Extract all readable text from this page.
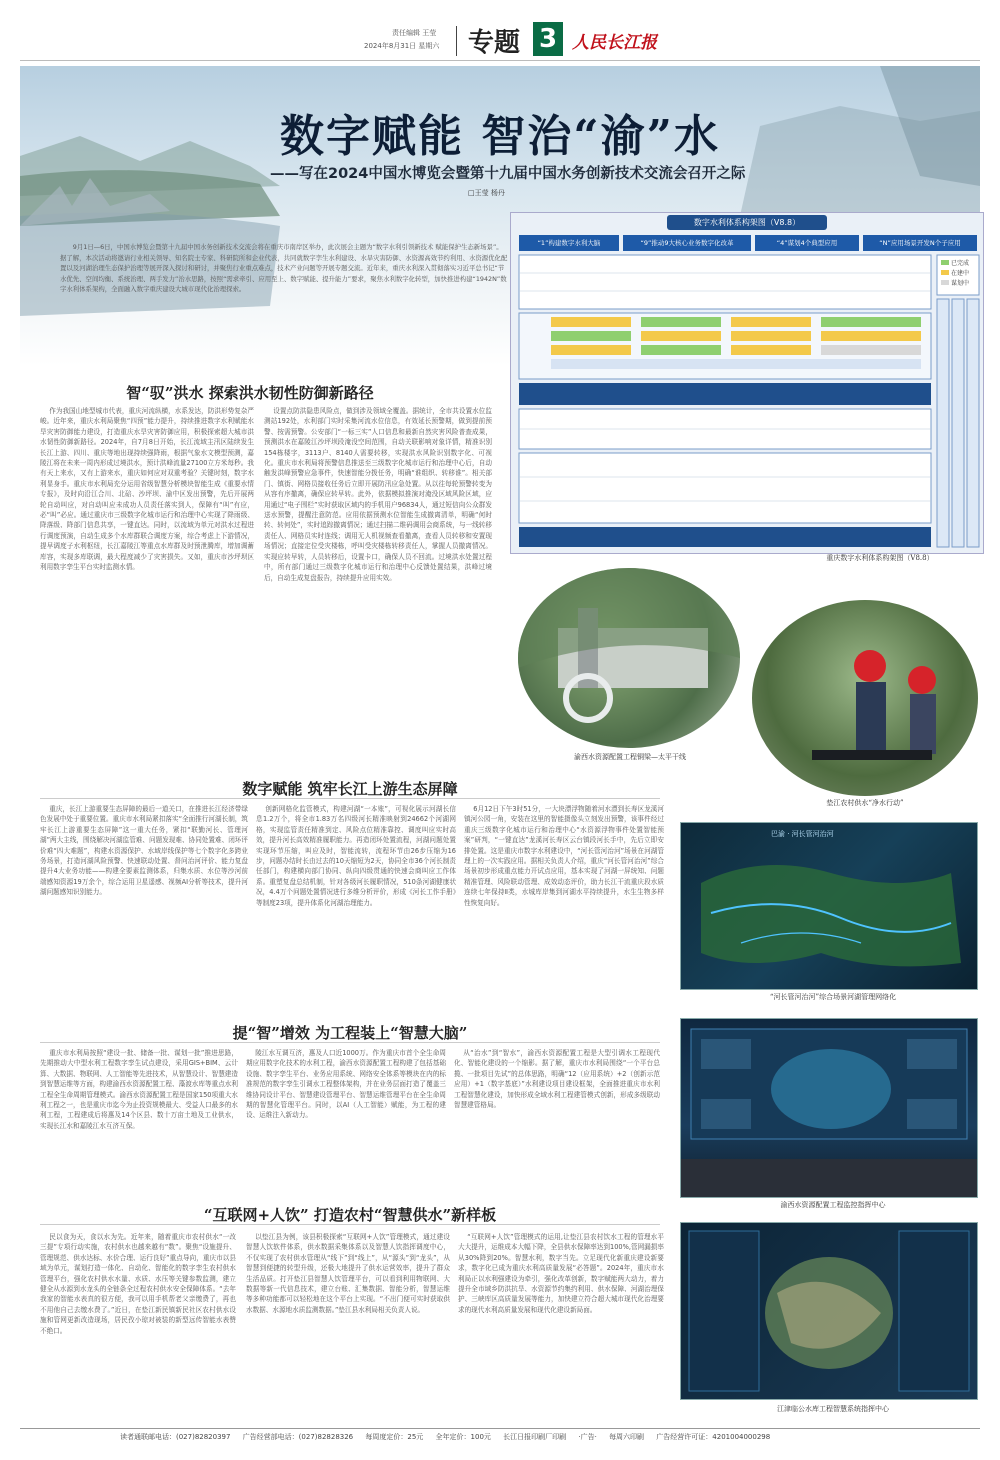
责任编辑 王莹
2024年8月31日 星期六 专题 3 人民长江报
数字赋能 智治“渝”水
——写在2024中国水博览会暨第十九届中国水务创新技术交流会召开之际
□王莹 杨丹
9月1日—6日，中国水博览会暨第十九届中国水务创新技术交流会将在重庆市南岸区举办，此次展会主题为“数字水利引领新技术 赋能保护生态新场景”。据了解，本次活动将邀请行业相关领导、知名院士专家、科研院所和企业代表，共同就数字孪生水利建设、水旱灾害防御、水资源高效节约利用、水资源优化配置以及河湖治理生态保护治理等展开深入探讨和研讨，并聚焦行业重点难点，技术产业问题等开展专题交流。近年来，重庆水利深入贯彻落实习近平总书记“节水优先、空间均衡、系统治理、两手发力”治水思路，按照“需求牵引、应用至上、数字赋能、提升能力”要求，聚焦水利数字化转型，加快推进构建“1942N”数字水利体系架构，全面融入数字重庆建设大城市现代化治理探索。
数字水利体系构架图（V8.8）
“1”构建数字水利大脑	“9”推动9大核心业务数字化改革	“4”谋划4个典型应用	“N”应用场景开发N个子应用
已完成
在建中
谋划中
重庆数字水利体系构架图（V8.8）
智“驭”洪水 探索洪水韧性防御新路径

作为我国山地型城市代表，重庆河流纵横，水系发达，防洪形势复杂严峻。近年来，重庆水利局聚焦“四预”能力提升，持续推进数字水利赋能水旱灾害防御能力建设，打造重庆水旱灾害防御应用，积极探索超大城市洪水韧性防御新路径。2024年，自7月8日开始，长江流域主汛区陆续发生长江上游、四川、重庆等地出现持续强降雨，根据气象水文模型预测，嘉陵江将在未来一周内形成过境洪水，预计洪峰流量27100立方米每秒。我有天上来水，又有上游来水，重庆如何应对双重考验？关键时刻，数字水利显身手。重庆市水利局充分运用省级智慧分析模块智能生成《重要水情专报》，及时向沿江合川、北碚、沙坪坝、渝中区发出预警，先后开展两轮自动叫应，对自动叫应未成功人员责任落实到人，保障有“叫”有应，必“叫”必应。通过重庆市三级数字化城市运行和治理中心实现了降雨级、降落级、降部门信息共享，一键直达。同时，以流域为单元对洪水过程进行调度预演，自动生成多个水库群联合调度方案，综合考虑上下游情况，提早调度子水利枢纽，长江嘉陵江等重点水库群及时预泄腾库，增加调蓄库容，实现多库联调，最大程度减少了灾害损失。又如，重庆市沙坪坝区利用数字孪生平台实时监测水情。

设置点防洪隐患风险点，做到涉及领域全覆盖。据统计，全市共设置水位监测站192处，水利部门实时采集河流水位信息，有效延长预警期，做到提前预警、按需预警。公安部门“一标三实”人口信息和最新自然灾害风险普查成果，预测洪水在嘉陵江沙坪坝段淹没空间范围，自动关联影响对象详情，精准识别154栋楼字，3113户、8140人需要转移，实现洪水风险识别数字化、可视化。重庆市水利局将预警信息推送至三级数字化城市运行和治理中心后，自动触发洪峰预警应急事件，快速智能分拨任务，明确“谁组织、转移谁”。相关部门、镇街、网格员接收任务后立即开展防汛应急处置。从以往每轮预警转变为从容有序撤离，确保应转早转。此外，依据模拟推演对淹没区域风险区域，应用通过“电子围栏”实时获取区域内的手机用户96834人，通过短信向公众群发送水预警，提醒注意防范。应用依据预测水位智能生成撤离清单，明确“何时转、转何处”，实时追踪撤离情况；通过扫描二维码调用会商系统，与一线转移责任人、网格员实时连线；调用无人机视频查看撤离，查看人员转移和安置现场情况；直接定位受灾楼栋，呼叫受灾楼栋转移责任人，掌握人员撤离情况。实现应转早转，人员转移后，设置卡口，确保人员不回流。过境洪水处置过程中，所有部门通过三级数字化城市运行和治理中心反馈处置结果，洪峰过境后，自动生成复盘报告，持续提升应用实效。

渝西水资源配置工程铜梁—太平干线
垫江农村供水“净水行动”
数字赋能 筑牢长江上游生态屏障

重庆，长江上游重要生态屏障的最后一道关口，在推进长江经济带绿色发展中处于重要位置。重庆市水利局紧扣落实“全面推行河湖长制，筑牢长江上游重要生态屏障”这一重大任务，紧扣“联勤河长、管理河湖”两大主线，围绕解决河湖监管难、问题发现难、协同处置难、闭环评价难“四大难题”，构建水资源保护、水域岸线保护等七个数字化多跨业务场景，打造河湖风险预警、快速联动处置、督问治河评价、能力复盘提升4大业务功能——构建全要素监测体系，归集水质、水位等沙河前端感知资源19万余个，综合运用卫星遥感、视频AI分析等技术，提升河湖问题感知识别能力。

创新网格化监管模式，构建河湖“一本账”，可视化展示河湖长信息1.2万个，将全市1.83万名四级河长精准映射到24662个河湖网格，实现监管责任精准到定、风险点位精准靠控、调度叫应实时高效，提升河长高效精准履职能力。再造闭环处置流程，河湖问题处置实现环节压缩，叫应及时，智能流转，流程环节由26步压缩为16步，问题办结时长由过去的10天缩短为2天，协同全市36个河长制责任部门，构建横向部门协同、纵向四级贯通的快速会商叫应工作体系。重塑复盘总结机制，针对各级河长履职情况，510条河湖健康状况，4.4万个问题处置情况进行多维分析评价，形成《河长工作手册》等制度23项，提升体系化河湖治理能力。

6月12日下午3时51分，一大块漂浮物随着河水漂到长寿区龙溪河镇河公园一角，安装在这里的智能摄像头立刻发出预警，该事件经过重庆三级数字化城市运行和治理中心“水资源浮物事件处置智能预案”研判，“一键直达”龙溪河长寿区云台镇段河长手中，先后立即安排处置。这是重庆市数字水利建设中，“河长管河治河”场景在河湖管理上的一次实践应用。据相关负责人介绍，重庆“河长管河治河”综合场景初步形成重点能力开试点应用，基本实现了河湖一屏统知、问题精准管理、风险联动管理、成效动态评价，助力长江干流重庆段水质连续七年保持Ⅱ类，水城库岸集到河湖水平持续提升，水生生物多样性恢复向好。

巴渝 · 河长管河治河
“河长管河治河”综合场景河湖管理网络化
提“智”增效 为工程装上“智慧大脑”

重庆市水利局按照“建设一批、储备一批、谋划一批”推进思路，先期推动大中型水利工程数字孪生试点建设，采用GIS+BIM、云计算、大数据、物联网、人工智能等先进技术，从智慧设计、智慧建造到智慧运维等方面，构建渝西水资源配置工程、藻渡水库等重点水利工程全生命周期管理模式。渝西水资源配置工程是国家150项重大水利工程之一，也是重庆市迄今为止投资规模最大、受益人口最多的水利工程，工程建成后将惠及14个区县、数十万亩土地及工业供水，实现长江水和嘉陵江水互济互保。

陵江水互调互济，惠及人口近1000万。作为重庆市首个全生命周期应用数字化技术的水利工程，渝西水资源配置工程构建了包括基础设施、数字孪生平台、业务应用系统、网络安全体系等模块在内的标准规范的数字孪生引调水工程整体架构，并在业务层面打造了覆盖三维协同设计平台、智慧建设管理平台、智慧运维管理平台在全生命周期的智慧化管理平台。同时，以AI（人工智能）赋能，为工程的建设、运维注入新动力。

从“治水”到“智水”，渝西水资源配置工程是大型引调水工程现代化、智能化建设的一个缩影。据了解，重庆市水利局围绕“一个平台总揽、一批项目先试”的总体思路，明确“12（应用系统）+2（创新示范应用）+1（数字基底）”水利建设项目建设框架，全面推进重庆市水利工程智慧化建设，加快形成全域水利工程建管模式创新，形成多级联动智慧建管格局。

渝西水资源配置工程监控指挥中心
“互联网+人饮” 打造农村“智慧供水”新样板

民以食为天，食以水为先。近年来，随着重庆市农村供水“一改三提”专项行动实施，农村供水也越来越有“数”。聚焦“设施提升、管理规范、供水达标、水价合理、运行良好”重点导向，重庆市以县域为单元，谋划打造一体化、自动化、智能化的数字孪生农村供水管理平台，强化农村供水水量、水质、水压等关键参数监测，建立健全从水源到水龙头的全链条全过程农村供水安全保障体系。“去年我家的智能水表真的很方便，我可以用手机帮老父亲缴费了，再也不用他自己去缴水费了。”近日，在垫江新民镇新民社区农村供水设施和管网更新改造现场，居民孜小琼对被装的新型远传智能水表赞不绝口。

以垫江县为例，该县积极探索“互联网+人饮”管理模式，通过建设智慧人饮软件体系，供水数据采集体系以及智慧人饮指挥调度中心，不仅实现了农村供水管理从“线下”到“线上”，从“源头”到“龙头”，从智慧到便捷的转型升级，还极大地提升了供水运营效率，提升了群众生活品质。打开垫江县智慧人饮管理平台，可以看到利用物联网、大数据等新一代信息技术，建立台账、汇集数据、智能分析，智慧运维等多种功能都可以轻松地在这个平台上实现。“不出门便可实时获取供水数据、水源地水质监测数据。”垫江县水利局相关负责人说。

“互联网+人饮”管理模式的运用,让垫江县农村饮水工程的管理水平大大提升，运维成本大幅下降，全县供水保障率达到100%,管网漏损率从30%降到20%。智慧水利，数字当先。立足现代化新重庆建设新要求，数字化已成为重庆水利高质量发展“必答题”。2024年，重庆市水利局正以水利强建设为牵引，强化改革创新，数字赋能两大动力，着力提升全市域乡防洪抗旱、水资源节约集约利用、供水保障、河湖治理保护、三峡库区高质量发展等能力，加快建立符合超大城市现代化治理要求的现代水利高质量发展和现代化建设新局面。

江津临公水库工程智慧系统指挥中心
读者通联邮电话：(027)82820397 广告经营部电话：(027)82828326 每周度定价：25元 全年定价：100元 长江日报印刷厂印刷 ·广告· 每周六印刷 广告经营许可证：4201004000298
